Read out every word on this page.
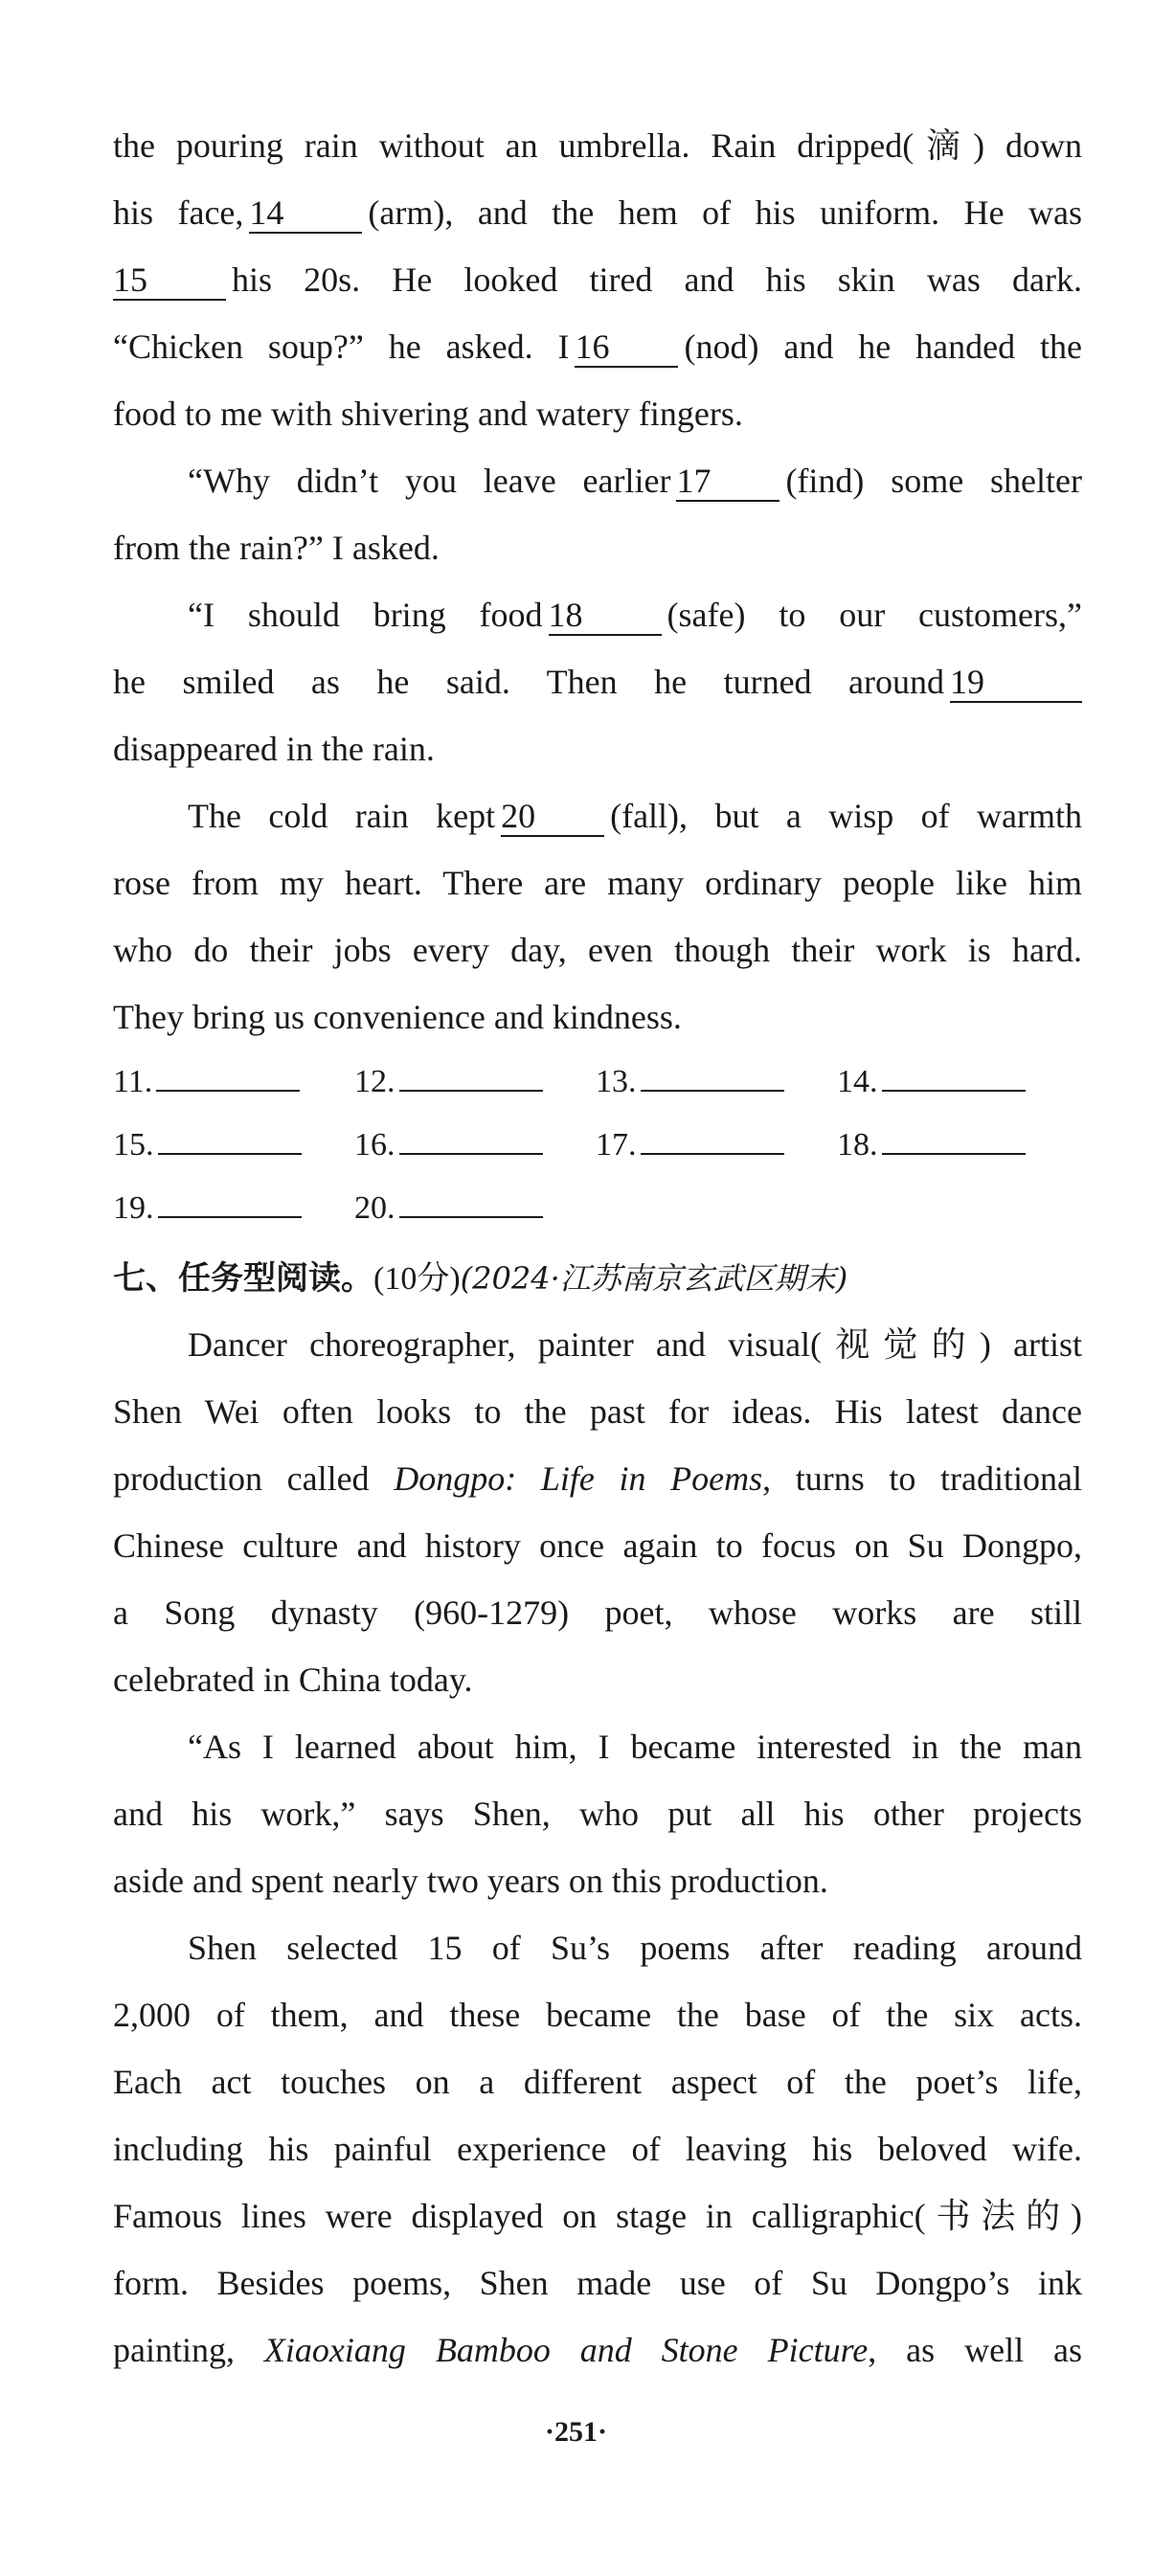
the pouring rain without an umbrella. Rain dripped(滴) down
his face, 14 (arm), and the hem of his uniform. He was
15 his 20s. He looked tired and his skin was dark.
“Chicken soup?” he asked. I 16 (nod) and he handed the
food to me with shivering and watery fingers.
“Why didn’t you leave earlier 17 (find) some shelter
from the rain?” I asked.
“I should bring food 18 (safe) to our customers,”
he smiled as he said. Then he turned around 19
disappeared in the rain.
The cold rain kept 20 (fall), but a wisp of warmth
rose from my heart. There are many ordinary people like him
who do their jobs every day, even though their work is hard.
They bring us convenience and kindness.
11.	12.	13.	14.
15.	16.	17.	18.
19.	20.
七、任务型阅读。(10分)(2024·江苏南京玄武区期末)
Dancer choreographer, painter and visual(视觉的) artist
Shen Wei often looks to the past for ideas. His latest dance
production called Dongpo: Life in Poems, turns to traditional
Chinese culture and history once again to focus on Su Dongpo,
a Song dynasty (960-1279) poet, whose works are still
celebrated in China today.
“As I learned about him, I became interested in the man
and his work,” says Shen, who put all his other projects
aside and spent nearly two years on this production.
Shen selected 15 of Su’s poems after reading around
2,000 of them, and these became the base of the six acts.
Each act touches on a different aspect of the poet’s life,
including his painful experience of leaving his beloved wife.
Famous lines were displayed on stage in calligraphic(书法的)
form. Besides poems, Shen made use of Su Dongpo’s ink
painting, Xiaoxiang Bamboo and Stone Picture, as well as
·251·
